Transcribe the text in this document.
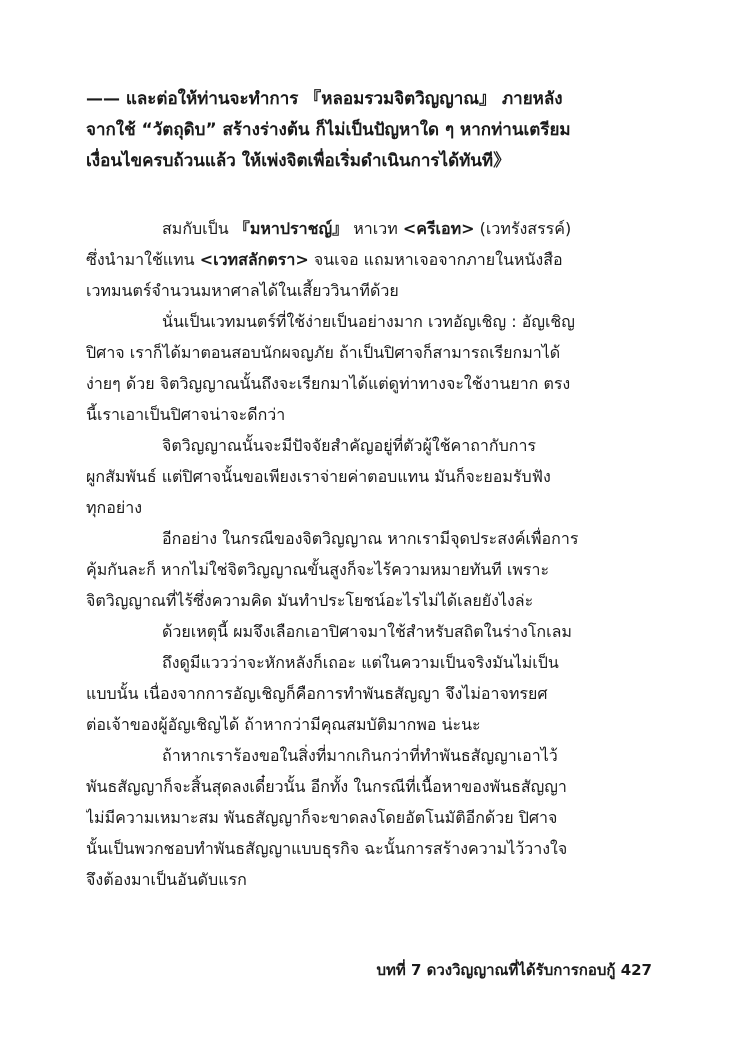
—— และต่อให้ท่านจะทำการ 『หลอมรวมจิตวิญญาณ』 ภายหลัง
จากใช้ “วัตถุดิบ” สร้างร่างต้น ก็ไม่เป็นปัญหาใด ๆ หากท่านเตรียม
เงื่อนไขครบถ้วนแล้ว ให้เพ่งจิตเพื่อเริ่มดำเนินการได้ทันที》
สมกับเป็น 『มหาปราชญ์』 หาเวท <ครีเอท> (เวทรังสรรค์)
ซึ่งนำมาใช้แทน <เวทสลักตรา> จนเจอ แถมหาเจอจากภายในหนังสือ
เวทมนตร์จำนวนมหาศาลได้ในเสี้ยววินาทีด้วย
นั่นเป็นเวทมนตร์ที่ใช้ง่ายเป็นอย่างมาก เวทอัญเชิญ : อัญเชิญ
ปิศาจ เราก็ได้มาตอนสอบนักผจญภัย ถ้าเป็นปิศาจก็สามารถเรียกมาได้
ง่ายๆ ด้วย จิตวิญญาณนั้นถึงจะเรียกมาได้แต่ดูท่าทางจะใช้งานยาก ตรง
นี้เราเอาเป็นปิศาจน่าจะดีกว่า
จิตวิญญาณนั้นจะมีปัจจัยสำคัญอยู่ที่ตัวผู้ใช้คาถากับการ
ผูกสัมพันธ์ แต่ปิศาจนั้นขอเพียงเราจ่ายค่าตอบแทน มันก็จะยอมรับฟัง
ทุกอย่าง
อีกอย่าง ในกรณีของจิตวิญญาณ หากเรามีจุดประสงค์เพื่อการ
คุ้มกันละก็ หากไม่ใช่จิตวิญญาณขั้นสูงก็จะไร้ความหมายทันที เพราะ
จิตวิญญาณที่ไร้ซึ่งความคิด มันทำประโยชน์อะไรไม่ได้เลยยังไงล่ะ
ด้วยเหตุนี้ ผมจึงเลือกเอาปิศาจมาใช้สำหรับสถิตในร่างโกเลม
ถึงดูมีแววว่าจะหักหลังก็เถอะ แต่ในความเป็นจริงมันไม่เป็น
แบบนั้น เนื่องจากการอัญเชิญก็คือการทำพันธสัญญา จึงไม่อาจทรยศ
ต่อเจ้าของผู้อัญเชิญได้ ถ้าหากว่ามีคุณสมบัติมากพอ น่ะนะ
ถ้าหากเราร้องขอในสิ่งที่มากเกินกว่าที่ทำพันธสัญญาเอาไว้
พันธสัญญาก็จะสิ้นสุดลงเดี๋ยวนั้น อีกทั้ง ในกรณีที่เนื้อหาของพันธสัญญา
ไม่มีความเหมาะสม พันธสัญญาก็จะขาดลงโดยอัตโนมัติอีกด้วย ปิศาจ
นั้นเป็นพวกชอบทำพันธสัญญาแบบธุรกิจ ฉะนั้นการสร้างความไว้วางใจ
จึงต้องมาเป็นอันดับแรก
บทที่ 7 ดวงวิญญาณที่ได้รับการกอบกู้ 427
